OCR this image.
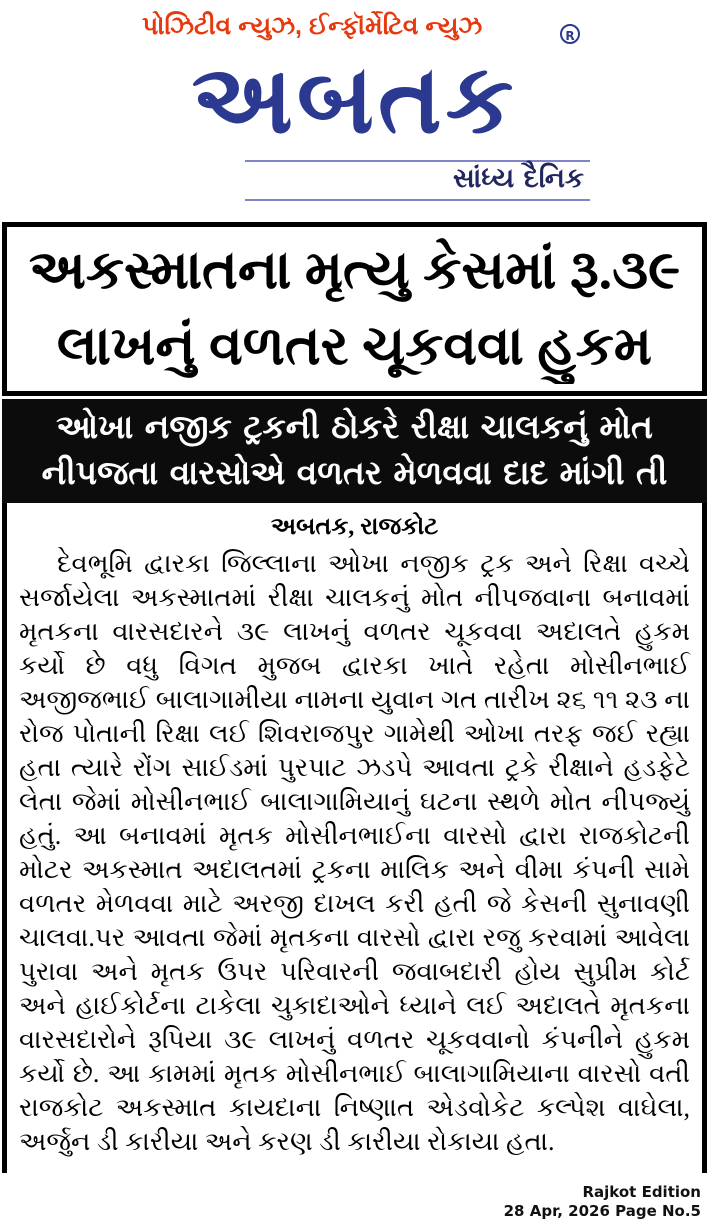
પોઝિટીવ ન્યુઝ, ઈન્ફૉર્મેટિવ ન્યુઝ
અબતક
R
સાંધ્ય દૈનિક
અકસ્માતના મૃત્યુ કેસમાં રૂ.૩૯
લાખનું વળતર ચૂકવવા હુકમ
ઓખા નજીક ટ્રકની ઠોકરે રીક્ષા ચાલકનું મોત
નીપજતા વારસોએ વળતર મેળવવા દાદ માંગી તી
અબતક, રાજકોટ

દેવભૂમિ દ્વારકા જિલ્લાના ઓખા નજીક ટ્રક અને રિક્ષા વચ્ચે સર્જાયેલા અકસ્માતમાં રીક્ષા ચાલકનું મોત નીપજવાના બનાવમાં મૃતકના વારસદારને ૩૯ લાખનું વળતર ચૂકવવા અદાલતે હુકમ કર્યો છે વધુ વિગત મુજબ દ્વારકા ખાતે રહેતા મોસીનભાઈ અજીજભાઈ બાલાગામીયા નામના યુવાન ગત તારીખ ૨૬ ૧૧ ૨૩ ના રોજ પોતાની રિક્ષા લઈ શિવરાજપુર ગામેથી ઓખા તરફ જઈ રહ્યા હતા ત્યારે રોંગ સાઈડમાં પુરપાટ ઝડપે આવતા ટ્રકે રીક્ષાને હડફેટે લેતા જેમાં મોસીનભાઈ બાલાગામિયાનું ઘટના સ્થળે મોત નીપજ્યું હતું. આ બનાવમાં મૃતક મોસીનભાઈના વારસો દ્વારા રાજકોટની મોટર અકસ્માત અદાલતમાં ટ્રકના માલિક અને વીમા કંપની સામે વળતર મેળવવા માટે અરજી દાખલ કરી હતી જે કેસની સુનાવણી ચાલવા.પર આવતા જેમાં મૃતકના વારસો દ્વારા રજુ કરવામાં આવેલા પુરાવા અને મૃતક ઉપર પરિવારની જવાબદારી હોય સુપ્રીમ કોર્ટ અને હાઈકોર્ટના ટાકેલા ચુકાદાઓને ધ્યાને લઈ અદાલતે મૃતકના વારસદારોને રૂપિયા ૩૯ લાખનું વળતર ચૂકવવાનો કંપનીને હુકમ કર્યો છે. આ કામમાં મૃતક મોસીનભાઈ બાલાગામિયાના વારસો વતી રાજકોટ અકસ્માત કાયદાના નિષ્ણાત એડવોકેટ કલ્પેશ વાઘેલા, અર્જુન ડી કારીયા અને કરણ ડી કારીયા રોકાયા હતા.

Rajkot Edition
28 Apr, 2026 Page No.5
